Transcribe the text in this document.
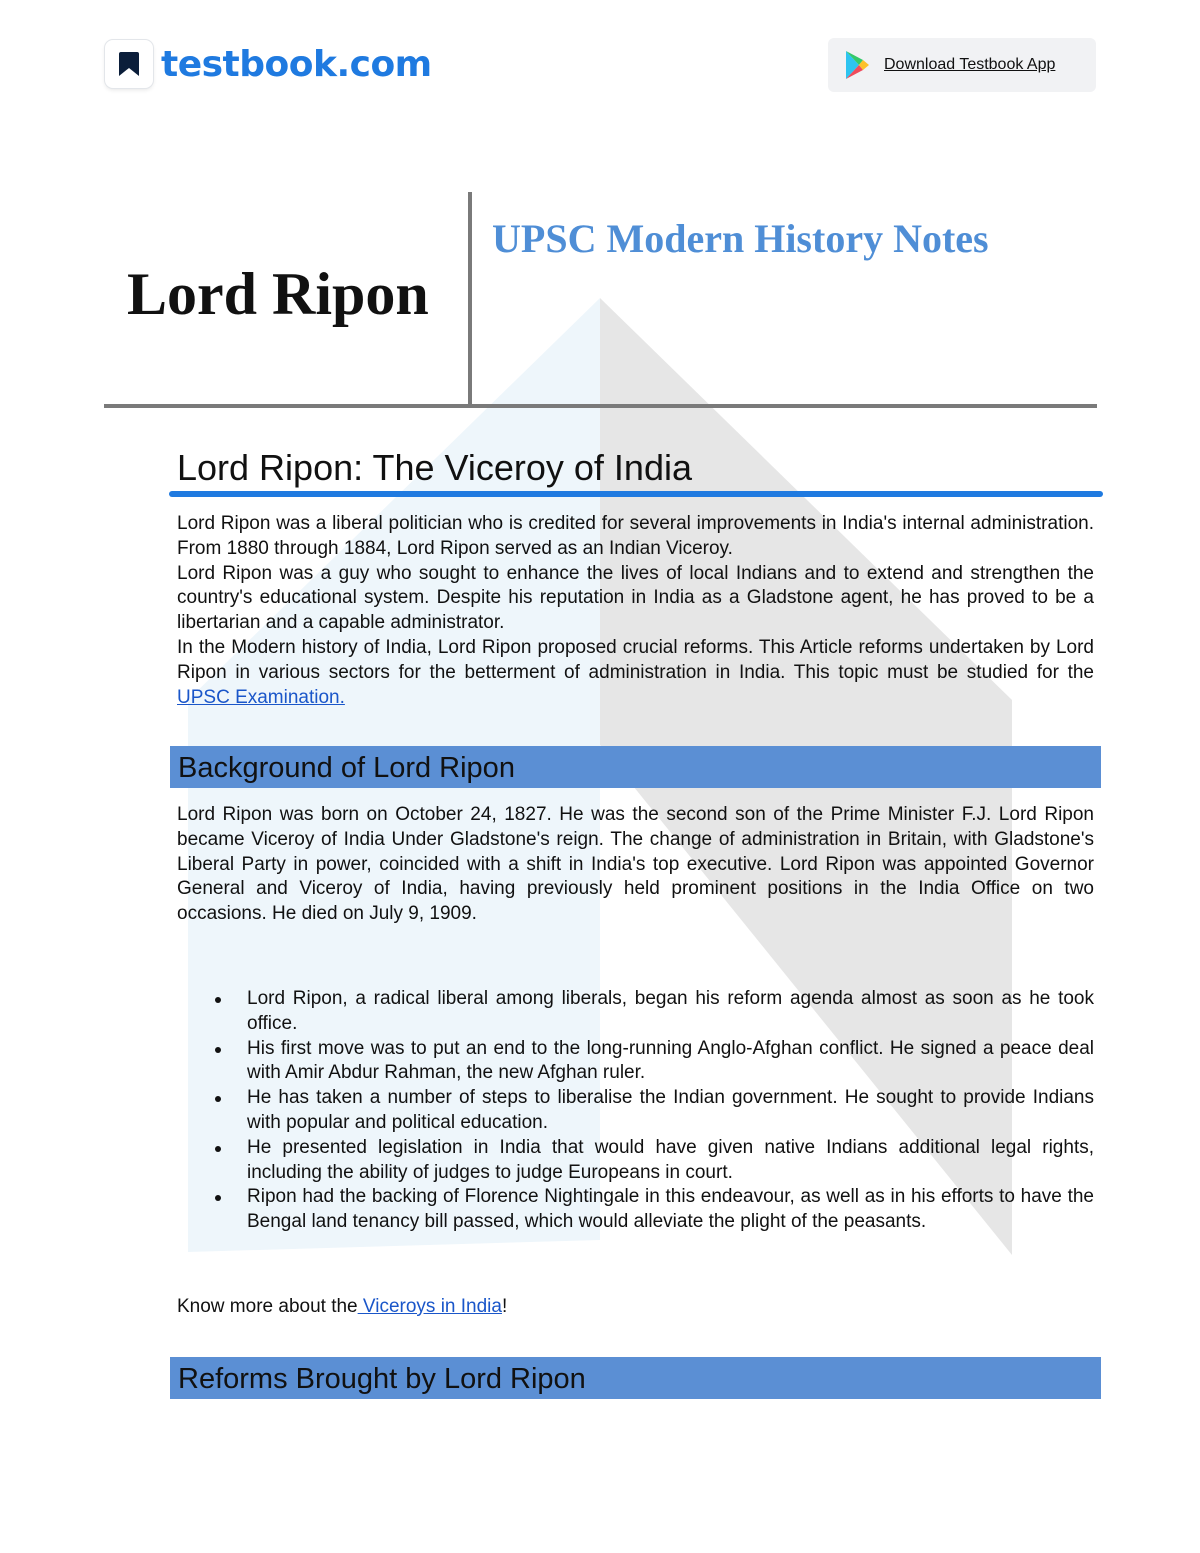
testbook.com	Download Testbook App
Lord Ripon
UPSC Modern History Notes
Lord Ripon: The Viceroy of India

Lord Ripon was a liberal politician who is credited for several improvements in India's internal administration. From 1880 through 1884, Lord Ripon served as an Indian Viceroy.

Lord Ripon was a guy who sought to enhance the lives of local Indians and to extend and strengthen the country's educational system. Despite his reputation in India as a Gladstone agent, he has proved to be a libertarian and a capable administrator.

In the Modern history of India, Lord Ripon proposed crucial reforms. This Article reforms undertaken by Lord Ripon in various sectors for the betterment of administration in India. This topic must be studied for the UPSC Examination.

Background of Lord Ripon
Lord Ripon was born on October 24, 1827. He was the second son of the Prime Minister F.J. Lord Ripon became Viceroy of India Under Gladstone's reign. The change of administration in Britain, with Gladstone's Liberal Party in power, coincided with a shift in India's top executive. Lord Ripon was appointed Governor General and Viceroy of India, having previously held prominent positions in the India Office on two occasions. He died on July 9, 1909.
Lord Ripon, a radical liberal among liberals, began his reform agenda almost as soon as he took office.
His first move was to put an end to the long-running Anglo-Afghan conflict. He signed a peace deal with Amir Abdur Rahman, the new Afghan ruler.
He has taken a number of steps to liberalise the Indian government. He sought to provide Indians with popular and political education.
He presented legislation in India that would have given native Indians additional legal rights, including the ability of judges to judge Europeans in court.
Ripon had the backing of Florence Nightingale in this endeavour, as well as in his efforts to have the Bengal land tenancy bill passed, which would alleviate the plight of the peasants.
Know more about the Viceroys in India!
Reforms Brought by Lord Ripon
